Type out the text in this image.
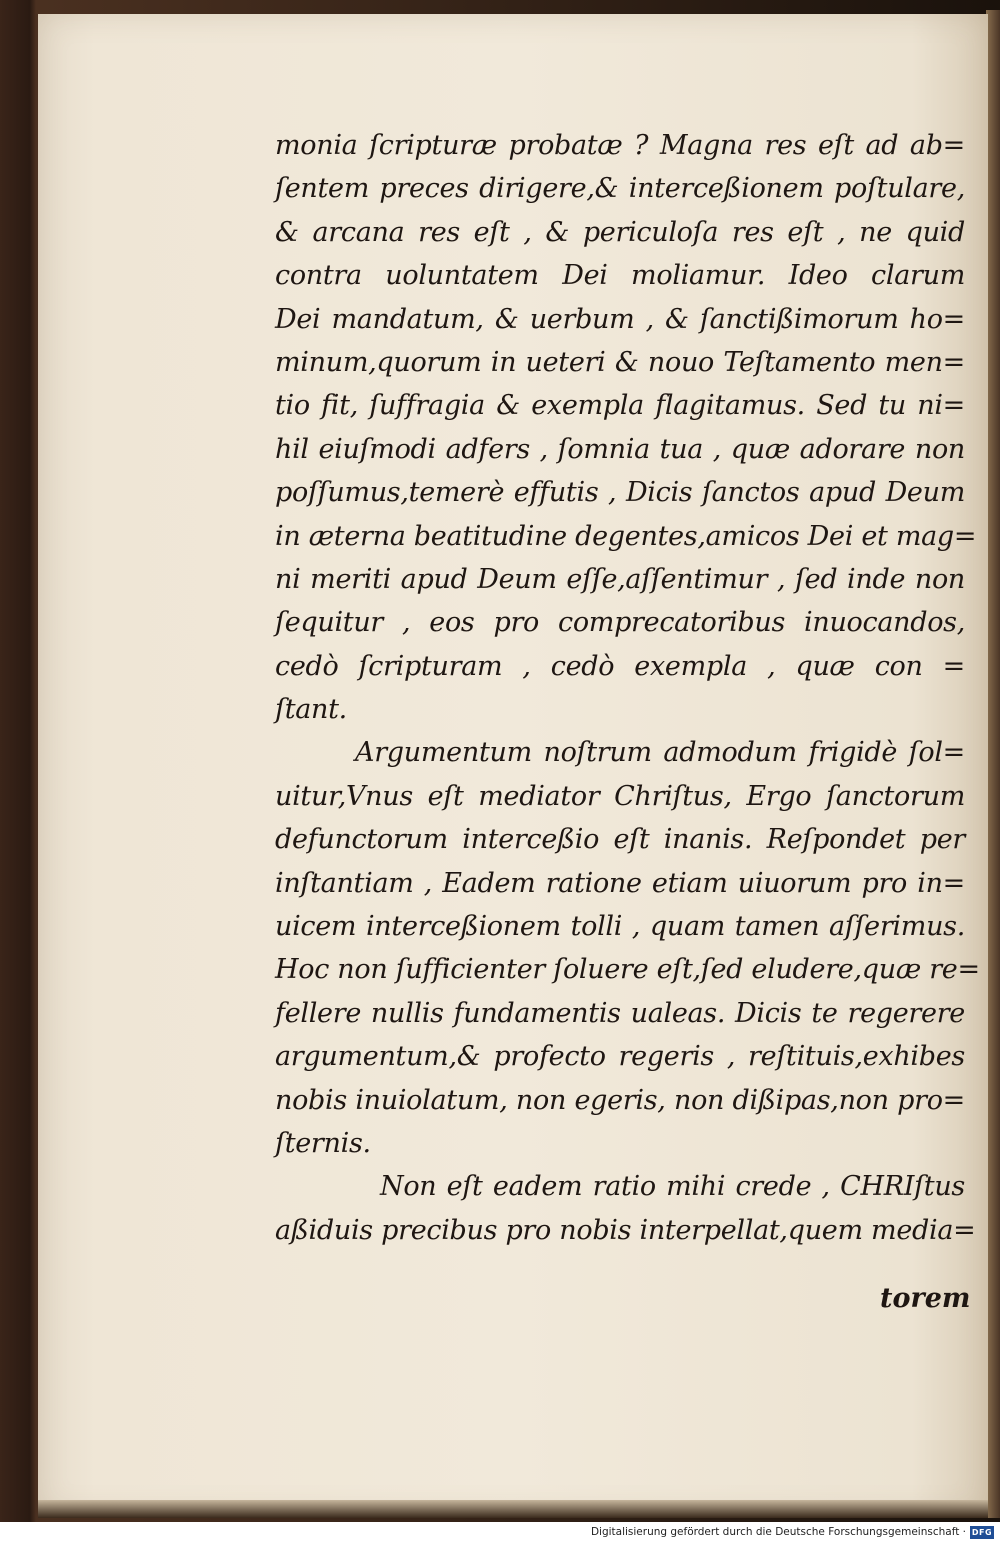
monia ſcripturæ probatæ ? Magna res eſt ad ab=
ſentem preces dirigere,& interceßionem poſtulare,
& arcana res eſt , & periculoſa res eſt , ne quid
contra uoluntatem Dei moliamur. Ideo clarum
Dei mandatum, & uerbum , & ſanctißimorum ho=
minum,quorum in ueteri & nouo Teſtamento men=
tio fit, ſuffragia & exempla flagitamus. Sed tu ni=
hil eiuſmodi adfers , ſomnia tua , quæ adorare non
poſſumus,temerè effutis , Dicis ſanctos apud Deum
in æterna beatitudine degentes,amicos Dei et mag=
ni meriti apud Deum eſſe,aſſentimur , ſed inde non
ſequitur , eos pro comprecatoribus inuocandos,
cedò ſcripturam , cedò exempla , quæ con =
ſtant.
Argumentum noſtrum admodum frigidè ſol=
uitur,Vnus eſt mediator Chriſtus, Ergo ſanctorum
defunctorum interceßio eſt inanis. Reſpondet per
inſtantiam , Eadem ratione etiam uiuorum pro in=
uicem interceßionem tolli , quam tamen aſſerimus.
Hoc non ſufficienter ſoluere eſt,ſed eludere,quæ re=
fellere nullis fundamentis ualeas. Dicis te regerere
argumentum,& profecto regeris , reſtituis,exhibes
nobis inuiolatum, non egeris, non dißipas,non pro=
ſternis.
Non eſt eadem ratio mihi crede , CHRIſtus
aßiduis precibus pro nobis interpellat,quem media=
torem
Digitalisierung gefördert durch die Deutsche Forschungsgemeinschaft · DFG
